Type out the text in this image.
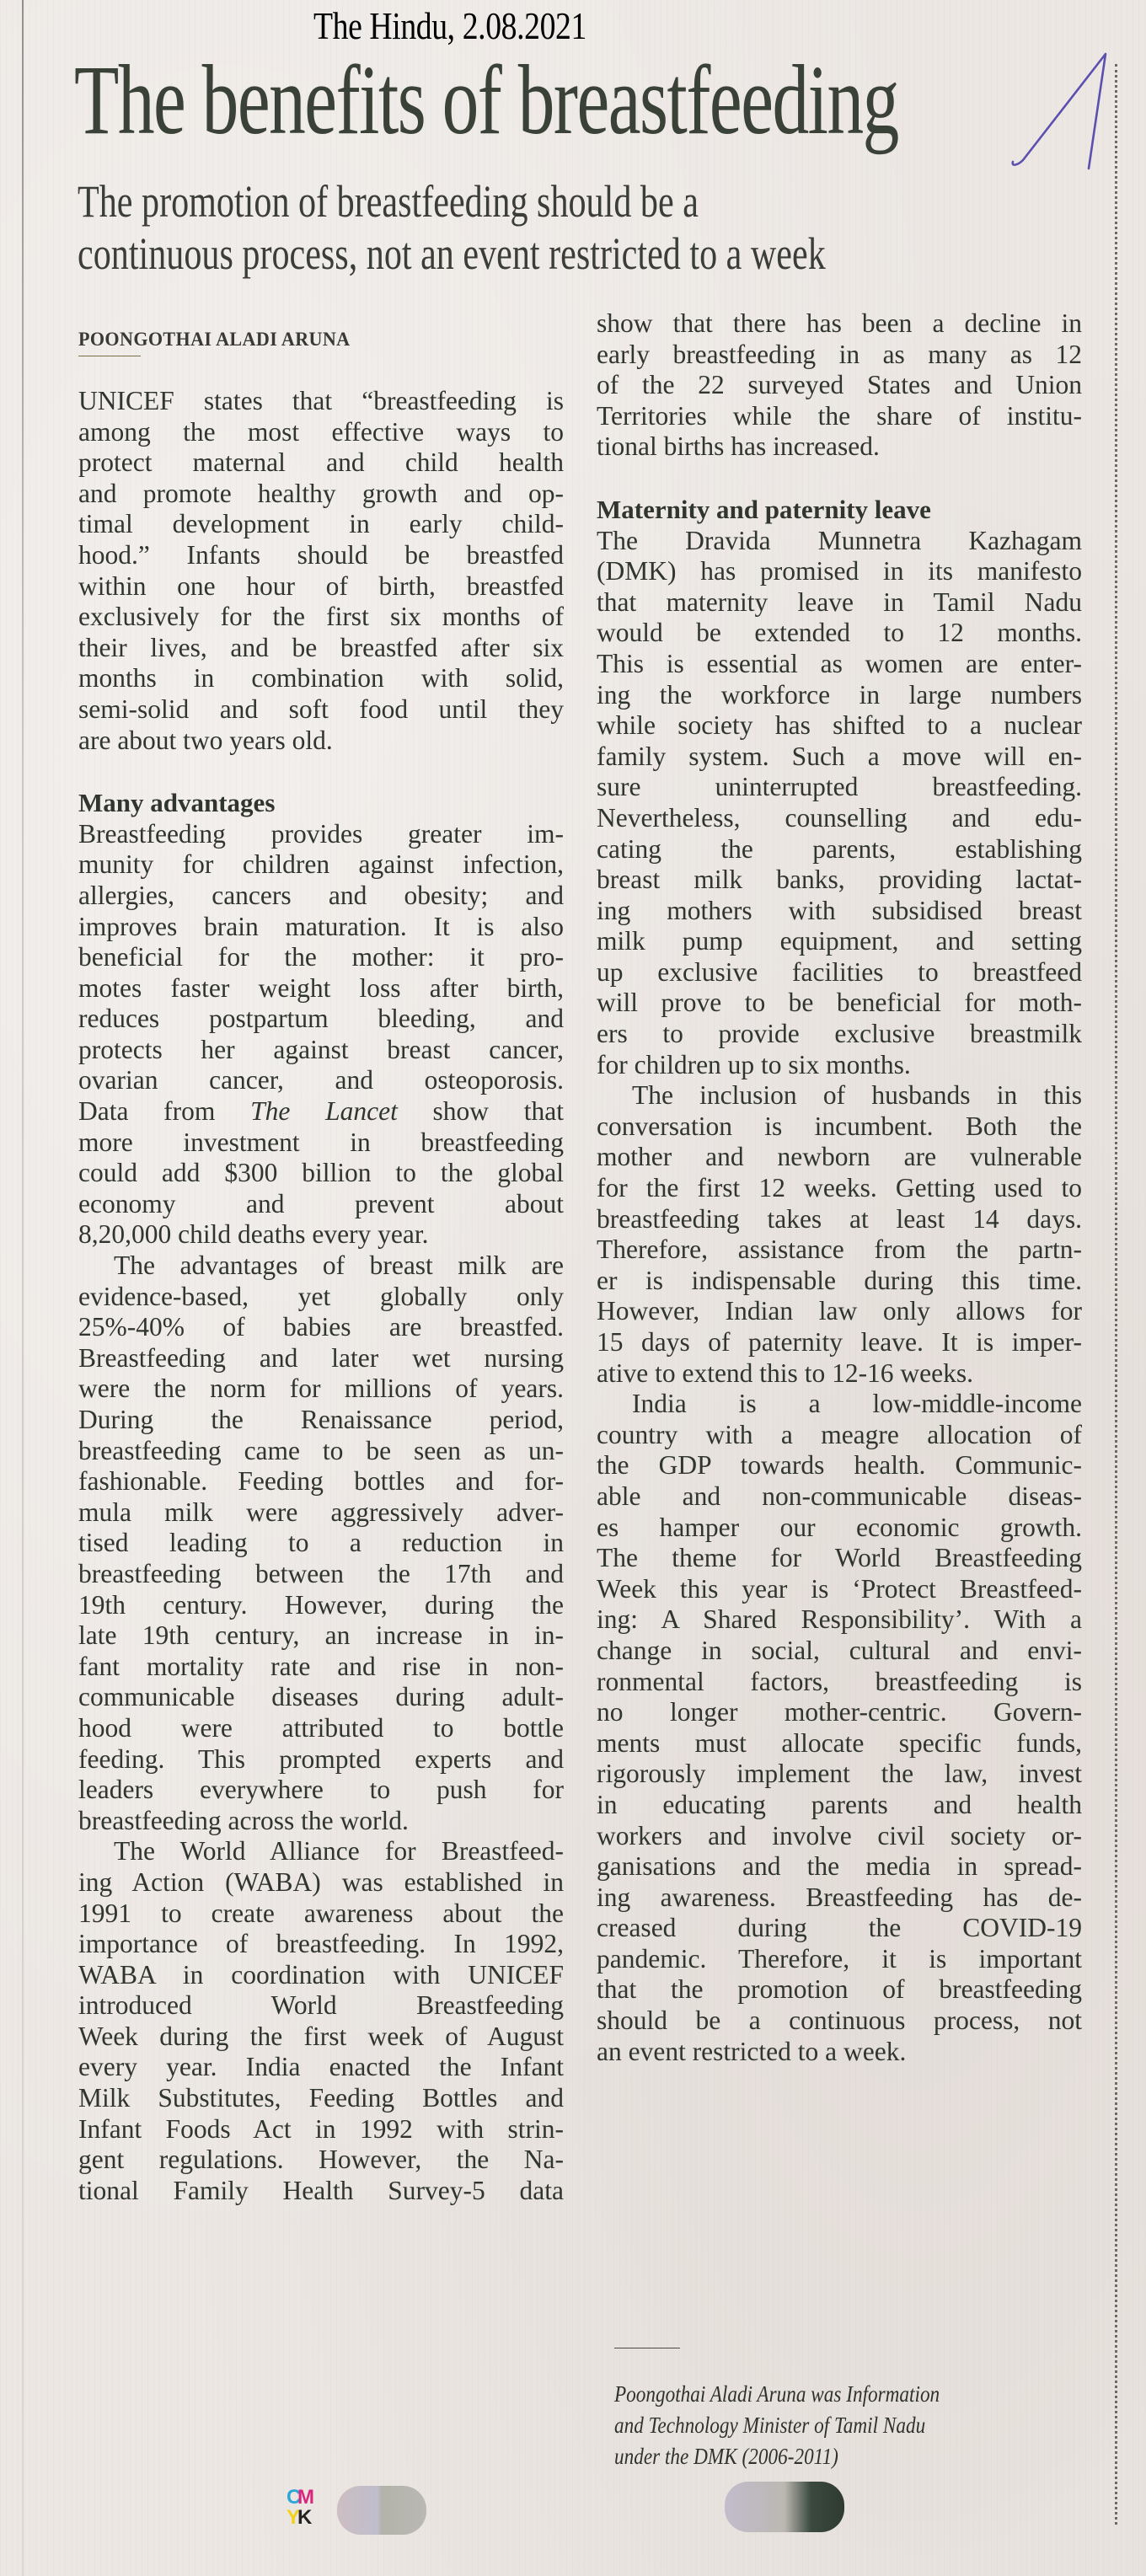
The Hindu, 2.08.2021
The benefits of breastfeeding
The promotion of breastfeeding should be a
continuous process, not an event restricted to a week
POONGOTHAI ALADI ARUNA
UNICEF states that “breastfeeding is
among the most effective ways to
protect maternal and child health
and promote healthy growth and op-
timal development in early child-
hood.” Infants should be breastfed
within one hour of birth, breastfed
exclusively for the first six months of
their lives, and be breastfed after six
months in combination with solid,
semi-solid and soft food until they
are about two years old.
Many advantages
Breastfeeding provides greater im-
munity for children against infection,
allergies, cancers and obesity; and
improves brain maturation. It is also
beneficial for the mother: it pro-
motes faster weight loss after birth,
reduces postpartum bleeding, and
protects her against breast cancer,
ovarian cancer, and osteoporosis.
Data from The Lancet show that
more investment in breastfeeding
could add $300 billion to the global
economy and prevent about
8,20,000 child deaths every year.
The advantages of breast milk are
evidence-based, yet globally only
25%-40% of babies are breastfed.
Breastfeeding and later wet nursing
were the norm for millions of years.
During the Renaissance period,
breastfeeding came to be seen as un-
fashionable. Feeding bottles and for-
mula milk were aggressively adver-
tised leading to a reduction in
breastfeeding between the 17th and
19th century. However, during the
late 19th century, an increase in in-
fant mortality rate and rise in non-
communicable diseases during adult-
hood were attributed to bottle
feeding. This prompted experts and
leaders everywhere to push for
breastfeeding across the world.
The World Alliance for Breastfeed-
ing Action (WABA) was established in
1991 to create awareness about the
importance of breastfeeding. In 1992,
WABA in coordination with UNICEF
introduced World Breastfeeding
Week during the first week of August
every year. India enacted the Infant
Milk Substitutes, Feeding Bottles and
Infant Foods Act in 1992 with strin-
gent regulations. However, the Na-
tional Family Health Survey-5 data
show that there has been a decline in
early breastfeeding in as many as 12
of the 22 surveyed States and Union
Territories while the share of institu-
tional births has increased.
Maternity and paternity leave
The Dravida Munnetra Kazhagam
(DMK) has promised in its manifesto
that maternity leave in Tamil Nadu
would be extended to 12 months.
This is essential as women are enter-
ing the workforce in large numbers
while society has shifted to a nuclear
family system. Such a move will en-
sure uninterrupted breastfeeding.
Nevertheless, counselling and edu-
cating the parents, establishing
breast milk banks, providing lactat-
ing mothers with subsidised breast
milk pump equipment, and setting
up exclusive facilities to breastfeed
will prove to be beneficial for moth-
ers to provide exclusive breastmilk
for children up to six months.
The inclusion of husbands in this
conversation is incumbent. Both the
mother and newborn are vulnerable
for the first 12 weeks. Getting used to
breastfeeding takes at least 14 days.
Therefore, assistance from the partn-
er is indispensable during this time.
However, Indian law only allows for
15 days of paternity leave. It is imper-
ative to extend this to 12-16 weeks.
India is a low-middle-income
country with a meagre allocation of
the GDP towards health. Communic-
able and non-communicable diseas-
es hamper our economic growth.
The theme for World Breastfeeding
Week this year is ‘Protect Breastfeed-
ing: A Shared Responsibility’. With a
change in social, cultural and envi-
ronmental factors, breastfeeding is
no longer mother-centric. Govern-
ments must allocate specific funds,
rigorously implement the law, invest
in educating parents and health
workers and involve civil society or-
ganisations and the media in spread-
ing awareness. Breastfeeding has de-
creased during the COVID-19
pandemic. Therefore, it is important
that the promotion of breastfeeding
should be a continuous process, not
an event restricted to a week.
Poongothai Aladi Aruna was Information
and Technology Minister of Tamil Nadu
under the DMK (2006-2011)
CM
YK
